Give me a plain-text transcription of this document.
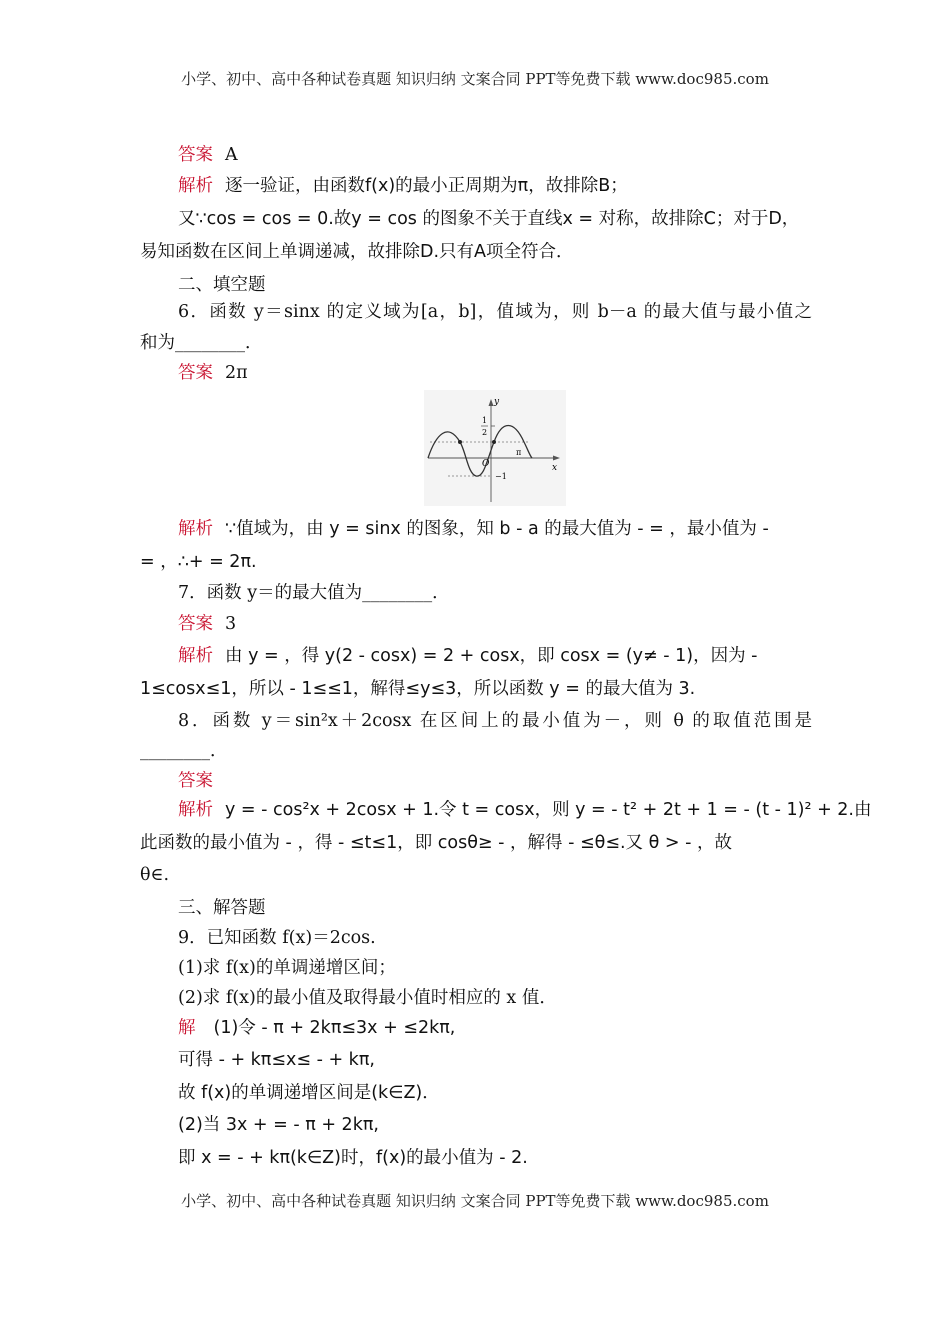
小学、初中、高中各种试卷真题 知识归纳 文案合同 PPT等免费下载 www.doc985.com
答案 A
解析 逐一验证，由函数f(x)的最小正周期为π，故排除B；
又∵cos = cos = 0.故y = cos 的图象不关于直线x = 对称，故排除C；对于D，
易知函数在区间上单调递减，故排除D.只有A项全符合．
二、填空题
6．函数 y＝sinx 的定义域为[a，b]，值域为，则 b－a 的最大值与最小值之
和为________．
答案 2π
y
x
1
2
O
π
−1
解析 ∵值域为，由 y = sinx 的图象，知 b - a 的最大值为 - = ，最小值为 -
= ，∴+ = 2π.
7．函数 y＝的最大值为________．
答案 3
解析 由 y = ，得 y(2 - cosx) = 2 + cosx，即 cosx = (y≠ - 1)，因为 -
1≤cosx≤1，所以 - 1≤≤1，解得≤y≤3，所以函数 y = 的最大值为 3.
8．函数 y＝sin²x＋2cosx 在区间上的最小值为－，则 θ 的取值范围是
________．
答案
解析 y = - cos²x + 2cosx + 1.令 t = cosx，则 y = - t² + 2t + 1 = - (t - 1)² + 2.由
此函数的最小值为 - ，得 - ≤t≤1，即 cosθ≥ - ，解得 - ≤θ≤.又 θ > - ，故
θ∈.
三、解答题
9．已知函数 f(x)＝2cos.
(1)求 f(x)的单调递增区间；
(2)求 f(x)的最小值及取得最小值时相应的 x 值．
解 (1)令 - π + 2kπ≤3x + ≤2kπ,
可得 - + kπ≤x≤ - + kπ,
故 f(x)的单调递增区间是(k∈Z)．
(2)当 3x + = - π + 2kπ,
即 x = - + kπ(k∈Z)时，f(x)的最小值为 - 2.
小学、初中、高中各种试卷真题 知识归纳 文案合同 PPT等免费下载 www.doc985.com
